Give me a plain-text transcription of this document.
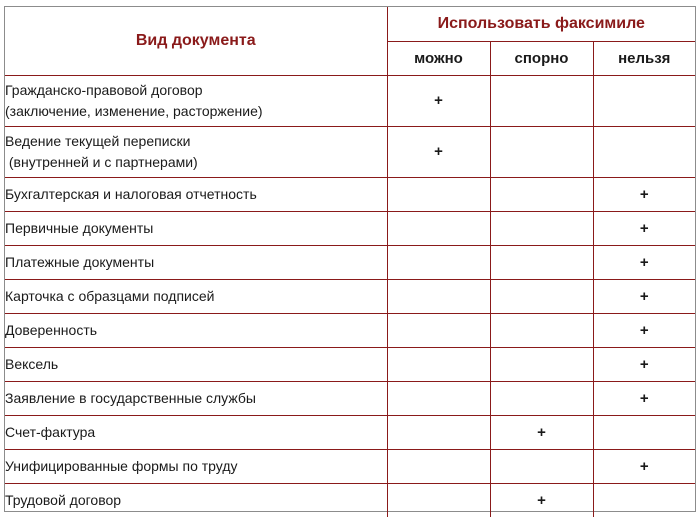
Вид документа	Использовать факсимиле		
	можно	спорно	нельзя

Гражданско-правовой договор
(заключение, изменение, расторжение)	+		

Ведение текущей переписки
(внутренней и с партнерами)	+		

Бухгалтерская и налоговая отчетность			+

Первичные документы			+

Платежные документы			+

Карточка с образцами подписей			+

Доверенность			+

Вексель			+

Заявление в государственные службы			+

Счет-фактура		+	

Унифицированные формы по труду			+

Трудовой договор		+	
